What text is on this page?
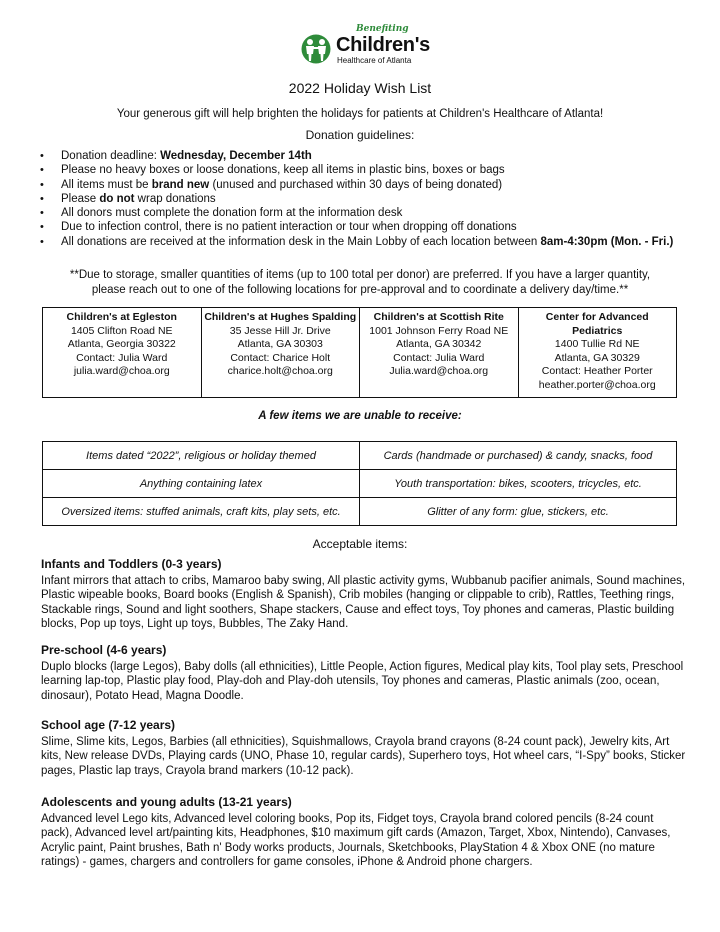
Benefiting
Children's
Healthcare of Atlanta
2022 Holiday Wish List
Your generous gift will help brighten the holidays for patients at Children's Healthcare of Atlanta!
Donation guidelines:
• Donation deadline: Wednesday, December 14th
• Please no heavy boxes or loose donations, keep all items in plastic bins, boxes or bags
• All items must be brand new (unused and purchased within 30 days of being donated)
• Please do not wrap donations
• All donors must complete the donation form at the information desk
• Due to infection control, there is no patient interaction or tour when dropping off donations
• All donations are received at the information desk in the Main Lobby of each location between 8am-4:30pm (Mon. - Fri.)
**Due to storage, smaller quantities of items (up to 100 total per donor) are preferred. If you have a larger quantity,
please reach out to one of the following locations for pre-approval and to coordinate a delivery day/time.**
Children's at Egleston
1405 Clifton Road NE
Atlanta, Georgia 30322
Contact: Julia Ward
julia.ward@choa.org

Children's at Hughes Spalding
35 Jesse Hill Jr. Drive
Atlanta, GA 30303
Contact: Charice Holt
charice.holt@choa.org

Children's at Scottish Rite
1001 Johnson Ferry Road NE
Atlanta, GA 30342
Contact: Julia Ward
Julia.ward@choa.org

Center for Advanced Pediatrics
1400 Tullie Rd NE
Atlanta, GA 30329
Contact: Heather Porter
heather.porter@choa.org
A few items we are unable to receive:
Items dated “2022”, religious or holiday themed	Cards (handmade or purchased) & candy, snacks, food
Anything containing latex	Youth transportation: bikes, scooters, tricycles, etc.
Oversized items: stuffed animals, craft kits, play sets, etc.	Glitter of any form: glue, stickers, etc.
Acceptable items:
Infants and Toddlers (0-3 years)
Infant mirrors that attach to cribs, Mamaroo baby swing, All plastic activity gyms, Wubbanub pacifier animals, Sound machines, Plastic wipeable books, Board books (English & Spanish), Crib mobiles (hanging or clippable to crib), Rattles, Teething rings, Stackable rings, Sound and light soothers, Shape stackers, Cause and effect toys, Toy phones and cameras, Plastic building blocks, Pop up toys, Light up toys, Bubbles, The Zaky Hand.
Pre-school (4-6 years)
Duplo blocks (large Legos), Baby dolls (all ethnicities), Little People, Action figures, Medical play kits, Tool play sets, Preschool learning lap-top, Plastic play food, Play-doh and Play-doh utensils, Toy phones and cameras, Plastic animals (zoo, ocean, dinosaur), Potato Head, Magna Doodle.
School age (7-12 years)
Slime, Slime kits, Legos, Barbies (all ethnicities), Squishmallows, Crayola brand crayons (8-24 count pack), Jewelry kits, Art kits, New release DVDs, Playing cards (UNO, Phase 10, regular cards), Superhero toys, Hot wheel cars, “I-Spy” books, Sticker pages, Plastic lap trays, Crayola brand markers (10-12 pack).
Adolescents and young adults (13-21 years)
Advanced level Lego kits, Advanced level coloring books, Pop its, Fidget toys, Crayola brand colored pencils (8-24 count pack), Advanced level art/painting kits, Headphones, $10 maximum gift cards (Amazon, Target, Xbox, Nintendo), Canvases, Acrylic paint, Paint brushes, Bath n' Body works products, Journals, Sketchbooks, PlayStation 4 & Xbox ONE (no mature ratings) - games, chargers and controllers for game consoles, iPhone & Android phone chargers.
